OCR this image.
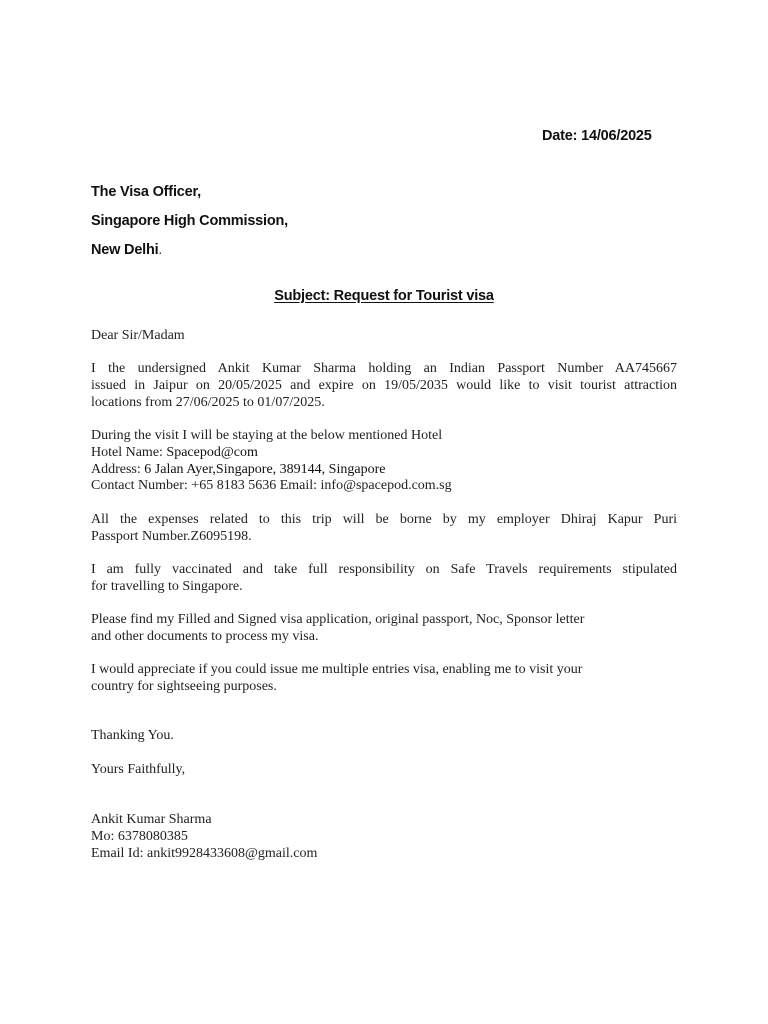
Date: 14/06/2025
The Visa Officer,
Singapore High Commission,
New Delhi.
Subject: Request for Tourist visa
Dear Sir/Madam
I the undersigned Ankit Kumar Sharma holding an Indian Passport Number AA745667
issued in Jaipur on 20/05/2025 and expire on 19/05/2035 would like to visit tourist attraction
locations from 27/06/2025 to 01/07/2025.
During the visit I will be staying at the below mentioned Hotel
Hotel Name: Spacepod@com
Address: 6 Jalan Ayer,Singapore, 389144, Singapore
Contact Number: +65 8183 5636 Email: info@spacepod.com.sg
All the expenses related to this trip will be borne by my employer Dhiraj Kapur Puri
Passport Number.Z6095198.
I am fully vaccinated and take full responsibility on Safe Travels requirements stipulated
for travelling to Singapore.
Please find my Filled and Signed visa application, original passport, Noc, Sponsor letter
and other documents to process my visa.
I would appreciate if you could issue me multiple entries visa, enabling me to visit your
country for sightseeing purposes.
Thanking You.
Yours Faithfully,
Ankit Kumar Sharma
Mo: 6378080385
Email Id: ankit9928433608@gmail.com
